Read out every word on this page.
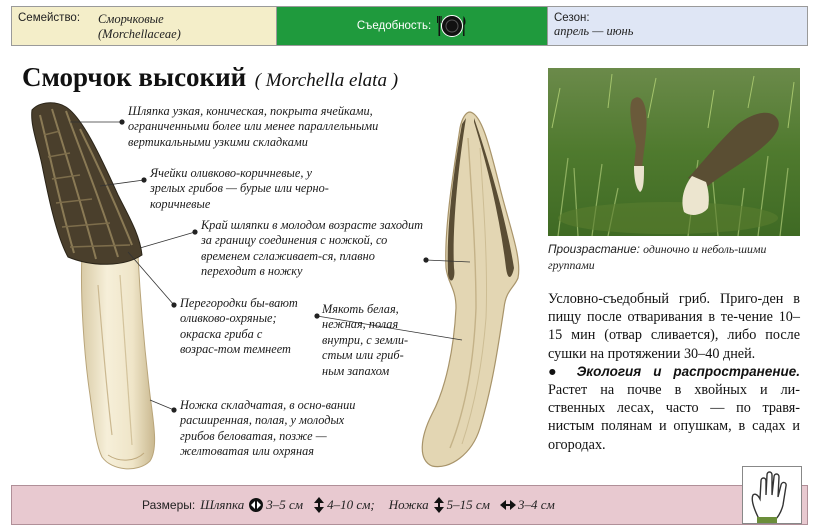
Семейство:	Сморчковые
(Morchellaceae)
Съедобность:
Сезон:
апрель — июнь
Сморчок высокий ( Morchella elata )
Шляпка узкая, коническая, покрыта ячейками, ограниченными более или менее параллельными вертикальными узкими складками
Ячейки оливково-коричневые, у зрелых грибов — бурые или черно-коричневые
Край шляпки в молодом возрасте заходит за границу соединения с ножкой, со временем сглаживает-ся, плавно переходит в ножку
Перегородки бы-вают оливково-охряные; окраска гриба с возрас-том темнеет
Мякоть белая, нежная, полая внутри, с земли-стым или гриб-ным запахом
Ножка складчатая, в осно-вании расширенная, полая, у молодых грибов беловатая, позже — желтоватая или охряная
Произрастание: одиночно и неболь-шими группами

Условно-съедобный гриб. Приго-ден в пищу после отваривания в те-чение 10–15 мин (отвар сливается), либо после сушки на протяжении 30–40 дней.

● Экология и распространение. Растет на почве в хвойных и ли-ственных лесах, часто — по травя-нистым полянам и опушкам, в садах и огородах.

Размеры: Шляпка 3–5 см 4–10 см; Ножка 5–15 см 3–4 см
